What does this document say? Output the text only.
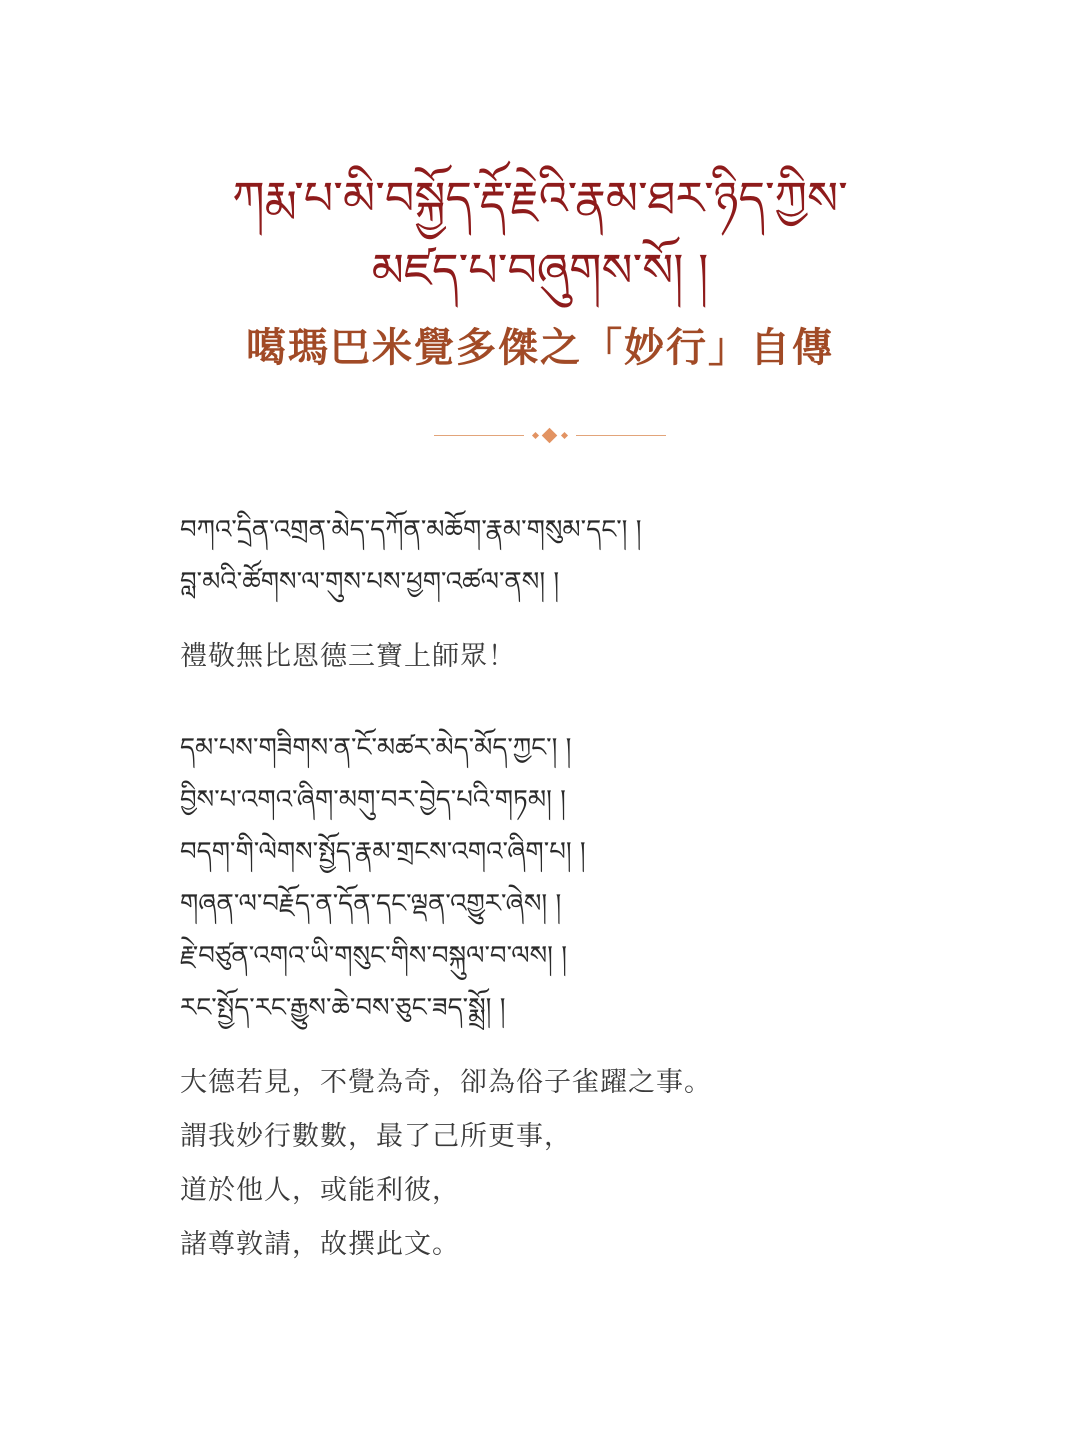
ཀརྨ་པ་མི་བསྐྱོད་རྡོ་རྗེའི་རྣམ་ཐར་ཉིད་ཀྱིས་
མཛད་པ་བཞུགས་སོ། །
噶瑪巴米覺多傑之「妙行」自傳
བཀའ་དྲིན་འགྲན་མེད་དཀོན་མཆོག་རྣམ་གསུམ་དང་། །
བླ་མའི་ཚོགས་ལ་གུས་པས་ཕྱག་འཚལ་ནས། །
禮敬無比恩德三寶上師眾！
དམ་པས་གཟིགས་ན་ངོ་མཚར་མེད་མོད་ཀྱང་། །
བྱིས་པ་འགའ་ཞིག་མགུ་བར་བྱེད་པའི་གཏམ། །
བདག་གི་ལེགས་སྤྱོད་རྣམ་གྲངས་འགའ་ཞིག་པ། །
གཞན་ལ་བརྗོད་ན་དོན་དང་ལྡན་འགྱུར་ཞེས། །
རྗེ་བཙུན་འགའ་ཡི་གསུང་གིས་བསྐུལ་བ་ལས། །
རང་སྤྱོད་རང་རྒྱུས་ཆེ་བས་ཅུང་ཟད་སྨྲོ། །
大德若見，不覺為奇，卻為俗子雀躍之事。
謂我妙行數數，最了己所更事，
道於他人，或能利彼，
諸尊敦請，故撰此文。
